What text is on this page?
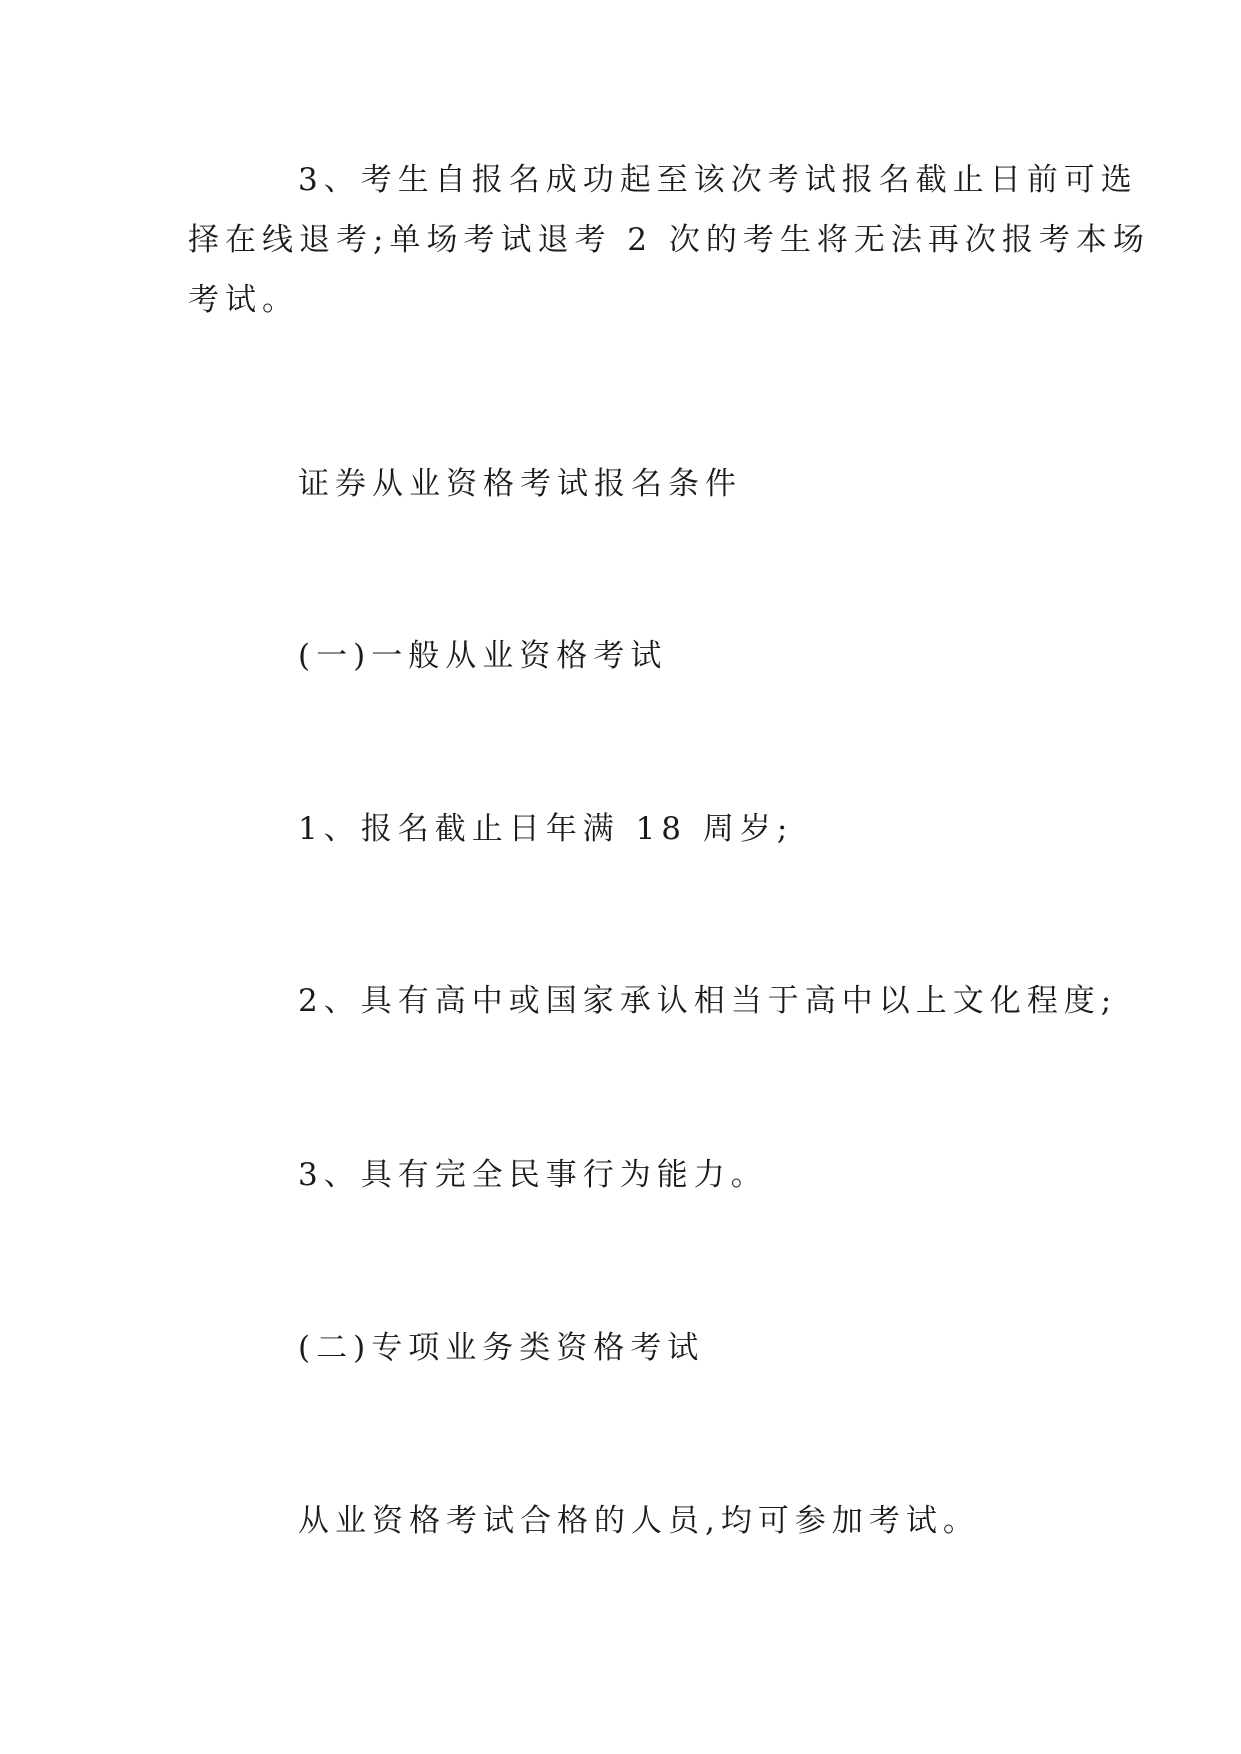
3、考生自报名成功起至该次考试报名截止日前可选
择在线退考;单场考试退考 2 次的考生将无法再次报考本场
考试。

证券从业资格考试报名条件

(一)一般从业资格考试

1、报名截止日年满 18 周岁;

2、具有高中或国家承认相当于高中以上文化程度;

3、具有完全民事行为能力。

(二)专项业务类资格考试

从业资格考试合格的人员,均可参加考试。
